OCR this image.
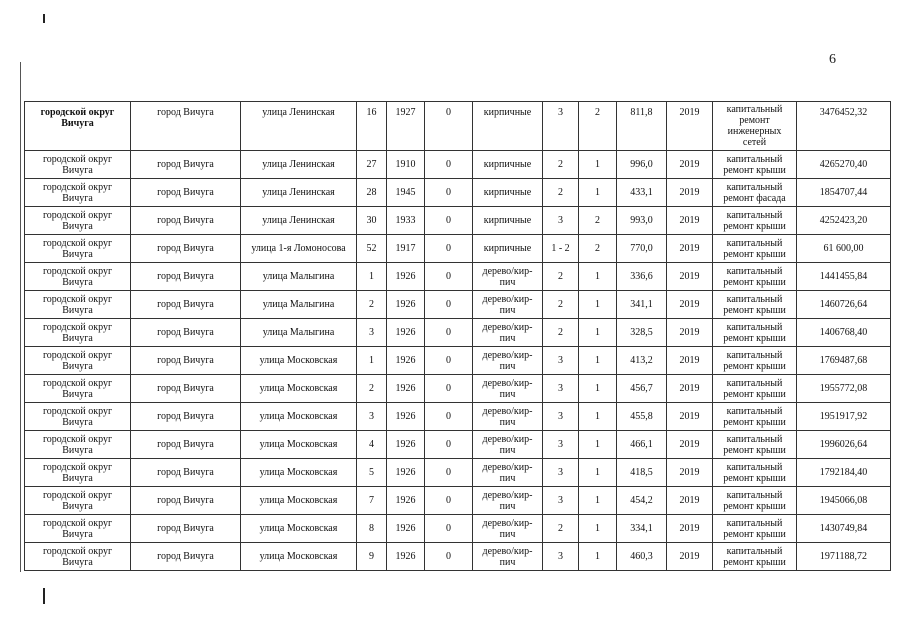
6
городской округ Вичуга	город Вичуга	улица Ленинская	16	1927	0	кирпичные	3	2	811,8	2019	капитальный ремонт инженерных сетей	3476452,32
городской округ Вичуга	город Вичуга	улица Ленинская	27	1910	0	кирпичные	2	1	996,0	2019	капитальный ремонт крыши	4265270,40
городской округ Вичуга	город Вичуга	улица Ленинская	28	1945	0	кирпичные	2	1	433,1	2019	капитальный ремонт фасада	1854707,44
городской округ Вичуга	город Вичуга	улица Ленинская	30	1933	0	кирпичные	3	2	993,0	2019	капитальный ремонт крыши	4252423,20
городской округ Вичуга	город Вичуга	улица 1-я Ломоносова	52	1917	0	кирпичные	1 - 2	2	770,0	2019	капитальный ремонт крыши	61 600,00
городской округ Вичуга	город Вичуга	улица Малыгина	1	1926	0	дерево/кир-пич	2	1	336,6	2019	капитальный ремонт крыши	1441455,84
городской округ Вичуга	город Вичуга	улица Малыгина	2	1926	0	дерево/кир-пич	2	1	341,1	2019	капитальный ремонт крыши	1460726,64
городской округ Вичуга	город Вичуга	улица Малыгина	3	1926	0	дерево/кир-пич	2	1	328,5	2019	капитальный ремонт крыши	1406768,40
городской округ Вичуга	город Вичуга	улица Московская	1	1926	0	дерево/кир-пич	3	1	413,2	2019	капитальный ремонт крыши	1769487,68
городской округ Вичуга	город Вичуга	улица Московская	2	1926	0	дерево/кир-пич	3	1	456,7	2019	капитальный ремонт крыши	1955772,08
городской округ Вичуга	город Вичуга	улица Московская	3	1926	0	дерево/кир-пич	3	1	455,8	2019	капитальный ремонт крыши	1951917,92
городской округ Вичуга	город Вичуга	улица Московская	4	1926	0	дерево/кир-пич	3	1	466,1	2019	капитальный ремонт крыши	1996026,64
городской округ Вичуга	город Вичуга	улица Московская	5	1926	0	дерево/кир-пич	3	1	418,5	2019	капитальный ремонт крыши	1792184,40
городской округ Вичуга	город Вичуга	улица Московская	7	1926	0	дерево/кир-пич	3	1	454,2	2019	капитальный ремонт крыши	1945066,08
городской округ Вичуга	город Вичуга	улица Московская	8	1926	0	дерево/кир-пич	2	1	334,1	2019	капитальный ремонт крыши	1430749,84
городской округ Вичуга	город Вичуга	улица Московская	9	1926	0	дерево/кир-пич	3	1	460,3	2019	капитальный ремонт крыши	1971188,72
